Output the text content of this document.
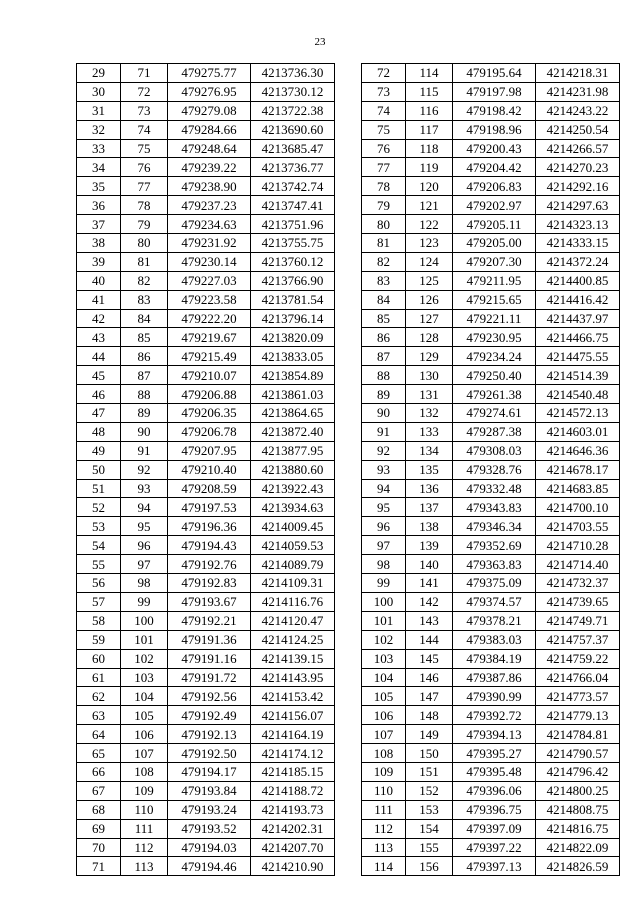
23
29	71	479275.77	4213736.30
30	72	479276.95	4213730.12
31	73	479279.08	4213722.38
32	74	479284.66	4213690.60
33	75	479248.64	4213685.47
34	76	479239.22	4213736.77
35	77	479238.90	4213742.74
36	78	479237.23	4213747.41
37	79	479234.63	4213751.96
38	80	479231.92	4213755.75
39	81	479230.14	4213760.12
40	82	479227.03	4213766.90
41	83	479223.58	4213781.54
42	84	479222.20	4213796.14
43	85	479219.67	4213820.09
44	86	479215.49	4213833.05
45	87	479210.07	4213854.89
46	88	479206.88	4213861.03
47	89	479206.35	4213864.65
48	90	479206.78	4213872.40
49	91	479207.95	4213877.95
50	92	479210.40	4213880.60
51	93	479208.59	4213922.43
52	94	479197.53	4213934.63
53	95	479196.36	4214009.45
54	96	479194.43	4214059.53
55	97	479192.76	4214089.79
56	98	479192.83	4214109.31
57	99	479193.67	4214116.76
58	100	479192.21	4214120.47
59	101	479191.36	4214124.25
60	102	479191.16	4214139.15
61	103	479191.72	4214143.95
62	104	479192.56	4214153.42
63	105	479192.49	4214156.07
64	106	479192.13	4214164.19
65	107	479192.50	4214174.12
66	108	479194.17	4214185.15
67	109	479193.84	4214188.72
68	110	479193.24	4214193.73
69	111	479193.52	4214202.31
70	112	479194.03	4214207.70
71	113	479194.46	4214210.90
72	114	479195.64	4214218.31
73	115	479197.98	4214231.98
74	116	479198.42	4214243.22
75	117	479198.96	4214250.54
76	118	479200.43	4214266.57
77	119	479204.42	4214270.23
78	120	479206.83	4214292.16
79	121	479202.97	4214297.63
80	122	479205.11	4214323.13
81	123	479205.00	4214333.15
82	124	479207.30	4214372.24
83	125	479211.95	4214400.85
84	126	479215.65	4214416.42
85	127	479221.11	4214437.97
86	128	479230.95	4214466.75
87	129	479234.24	4214475.55
88	130	479250.40	4214514.39
89	131	479261.38	4214540.48
90	132	479274.61	4214572.13
91	133	479287.38	4214603.01
92	134	479308.03	4214646.36
93	135	479328.76	4214678.17
94	136	479332.48	4214683.85
95	137	479343.83	4214700.10
96	138	479346.34	4214703.55
97	139	479352.69	4214710.28
98	140	479363.83	4214714.40
99	141	479375.09	4214732.37
100	142	479374.57	4214739.65
101	143	479378.21	4214749.71
102	144	479383.03	4214757.37
103	145	479384.19	4214759.22
104	146	479387.86	4214766.04
105	147	479390.99	4214773.57
106	148	479392.72	4214779.13
107	149	479394.13	4214784.81
108	150	479395.27	4214790.57
109	151	479395.48	4214796.42
110	152	479396.06	4214800.25
111	153	479396.75	4214808.75
112	154	479397.09	4214816.75
113	155	479397.22	4214822.09
114	156	479397.13	4214826.59
